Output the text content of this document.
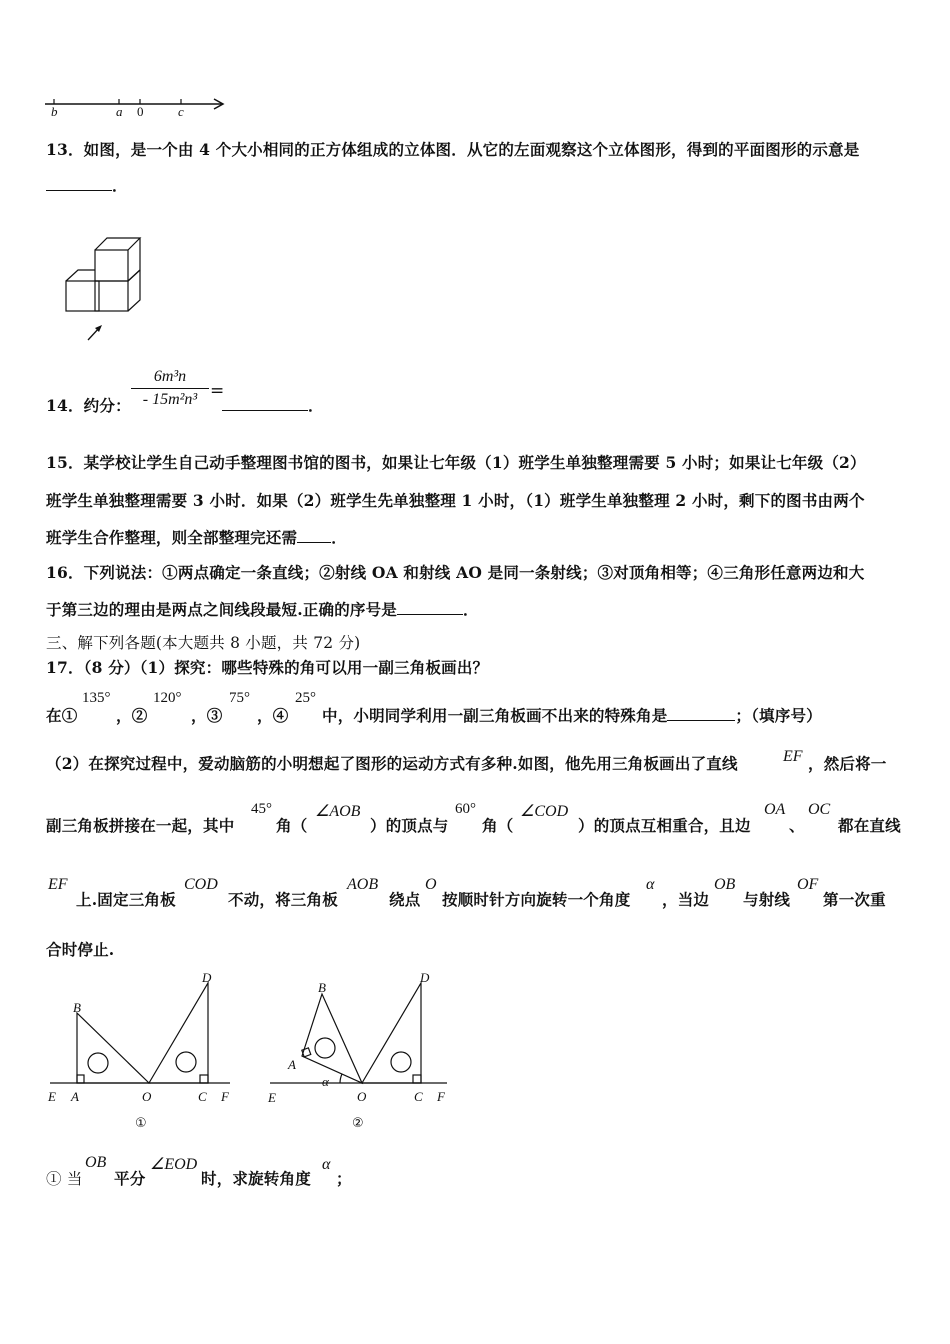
b	a 0	c
13．如图，是一个由 4 个大小相同的正方体组成的立体图．从它的左面观察这个立体图形，得到的平面图形的示意是
．
14．约分： $\frac{\text{6m³n}}{\text{- 15m²n³}}$ =
．
15．某学校让学生自己动手整理图书馆的图书，如果让七年级（1）班学生单独整理需要 5 小时；如果让七年级（2）
班学生单独整理需要 3 小时．如果（2）班学生先单独整理 1 小时，（1）班学生单独整理 2 小时，剩下的图书由两个
班学生合作整理，则全部整理完还需 ．
16．下列说法：①两点确定一条直线；②射线 OA 和射线 AO 是同一条射线；③对顶角相等；④三角形任意两边和大
于第三边的理由是两点之间线段最短.正确的序号是	．
三、解下列各题(本大题共 8 小题，共 72 分)
17．（8 分）（1）探究：哪些特殊的角可以用一副三角板画出？
在①
135°
，②
120°
，③
75°
，④
25°
中，小明同学利用一副三角板画不出来的特殊角是	；（填序号）
（2）在探究过程中，爱动脑筋的小明想起了图形的运动方式有多种.如图，他先用三角板画出了直线	EF ，然后将一
副三角板拼接在一起，其中
45°
角（
∠AOB
）的顶点与
60°
角（
∠COD
）的顶点互相重合，且边
OA
、
OC
都在直线
EF
上.固定三角板
COD
不动，将三角板
AOB
绕点
O
按顺时针方向旋转一个角度
α
，当边
OB
与射线
OF
第一次重
合时停止.
B
D
E A	O	C F
①
B
D
A
α
E	O	C F
②
① 当
OB
平分
∠EOD
时，求旋转角度
α
；
